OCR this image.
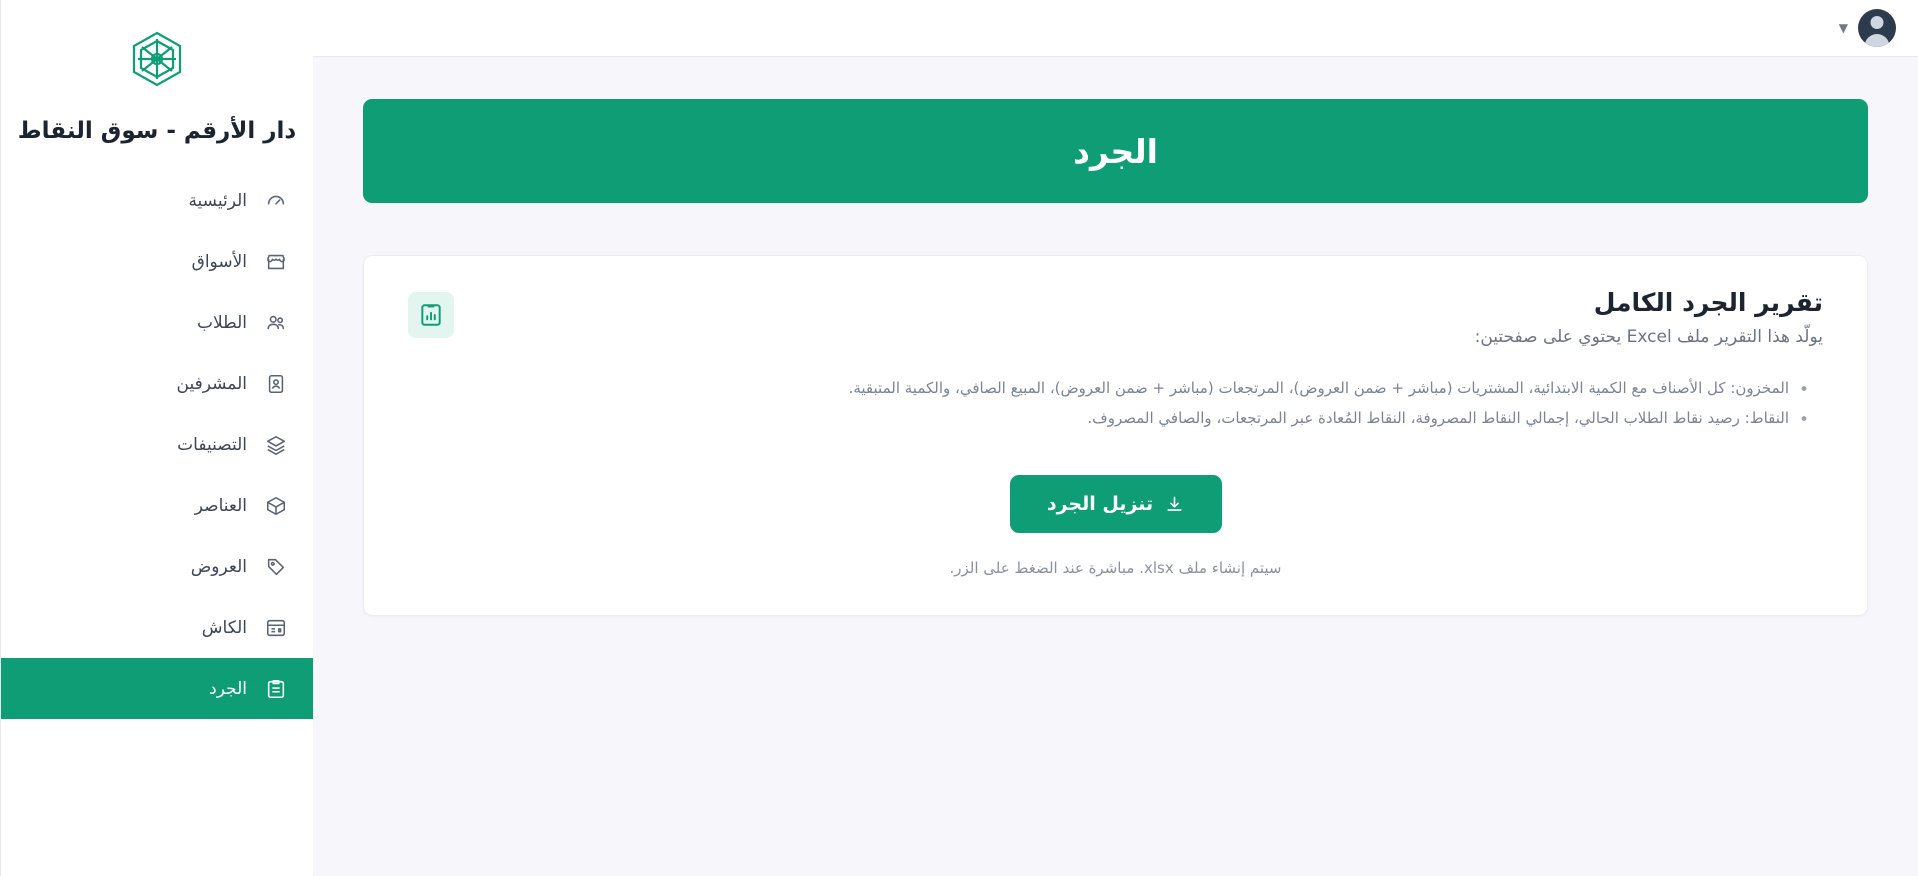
دار الأرقم - سوق النقاط
الرئيسية
الأسواق
الطلاب
المشرفين
التصنيفات
العناصر
العروض
الكاش
الجرد
▼
الجرد
تقرير الجرد الكامل

يولّد هذا التقرير ملف Excel يحتوي على صفحتين:

• المخزون: كل الأصناف مع الكمية الابتدائية، المشتريات (مباشر + ضمن العروض)، المرتجعات (مباشر + ضمن العروض)، المبيع الصافي، والكمية المتبقية.
• النقاط: رصيد نقاط الطلاب الحالي، إجمالي النقاط المصروفة، النقاط المُعادة عبر المرتجعات، والصافي المصروف.
تنزيل الجرد
سيتم إنشاء ملف xlsx. مباشرة عند الضغط على الزر.
